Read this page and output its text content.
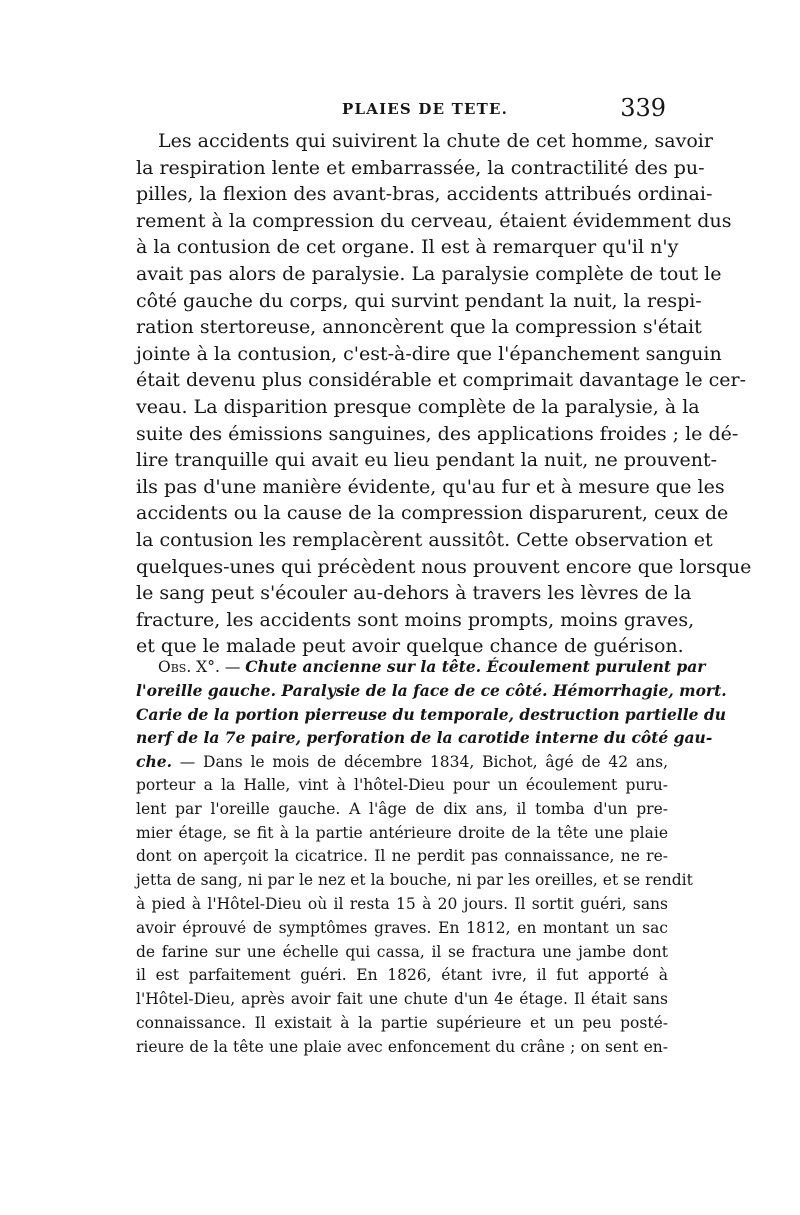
PLAIES DE TETE.	339
Les accidents qui suivirent la chute de cet homme, savoir
la respiration lente et embarrassée, la contractilité des pu-
pilles, la flexion des avant-bras, accidents attribués ordinai-
rement à la compression du cerveau, étaient évidemment dus
à la contusion de cet organe. Il est à remarquer qu'il n'y
avait pas alors de paralysie. La paralysie complète de tout le
côté gauche du corps, qui survint pendant la nuit, la respi-
ration stertoreuse, annoncèrent que la compression s'était
jointe à la contusion, c'est-à-dire que l'épanchement sanguin
était devenu plus considérable et comprimait davantage le cer-
veau. La disparition presque complète de la paralysie, à la
suite des émissions sanguines, des applications froides ; le dé-
lire tranquille qui avait eu lieu pendant la nuit, ne prouvent-
ils pas d'une manière évidente, qu'au fur et à mesure que les
accidents ou la cause de la compression disparurent, ceux de
la contusion les remplacèrent aussitôt. Cette observation et
quelques-unes qui précèdent nous prouvent encore que lorsque
le sang peut s'écouler au-dehors à travers les lèvres de la
fracture, les accidents sont moins prompts, moins graves,
et que le malade peut avoir quelque chance de guérison.
Obs. X°. — Chute ancienne sur la tête. Écoulement purulent par
l'oreille gauche. Paralysie de la face de ce côté. Hémorrhagie, mort.
Carie de la portion pierreuse du temporale, destruction partielle du
nerf de la 7e paire, perforation de la carotide interne du côté gau-
che. — Dans le mois de décembre 1834, Bichot, âgé de 42 ans,
porteur a la Halle, vint à l'hôtel-Dieu pour un écoulement puru-
lent par l'oreille gauche. A l'âge de dix ans, il tomba d'un pre-
mier étage, se fit à la partie antérieure droite de la tête une plaie
dont on aperçoit la cicatrice. Il ne perdit pas connaissance, ne re-
jetta de sang, ni par le nez et la bouche, ni par les oreilles, et se rendit
à pied à l'Hôtel-Dieu où il resta 15 à 20 jours. Il sortit guéri, sans
avoir éprouvé de symptômes graves. En 1812, en montant un sac
de farine sur une échelle qui cassa, il se fractura une jambe dont
il est parfaitement guéri. En 1826, étant ivre, il fut apporté à
l'Hôtel-Dieu, après avoir fait une chute d'un 4e étage. Il était sans
connaissance. Il existait à la partie supérieure et un peu posté-
rieure de la tête une plaie avec enfoncement du crâne ; on sent en-
